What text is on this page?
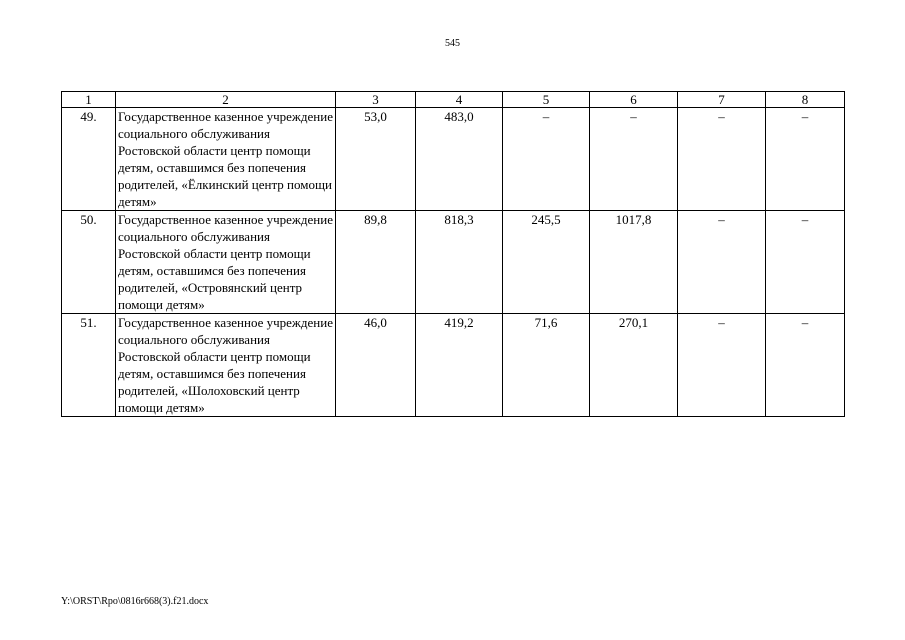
545
1	2	3	4	5	6	7	8
49.	Государственное казенное учреждение социального обслуживания Ростовской области центр помощи детям, оставшимся без попечения родителей, «Ёлкинский центр помощи детям»	53,0	483,0	–	–	–	–
50.	Государственное казенное учреждение социального обслуживания Ростовской области центр помощи детям, оставшимся без попечения родителей, «Островянский центр помощи детям»	89,8	818,3	245,5	1017,8	–	–
51.	Государственное казенное учреждение социального обслуживания Ростовской области центр помощи детям, оставшимся без попечения родителей, «Шолоховский центр помощи детям»	46,0	419,2	71,6	270,1	–	–
Y:\ORST\Rpo\0816r668(3).f21.docx
